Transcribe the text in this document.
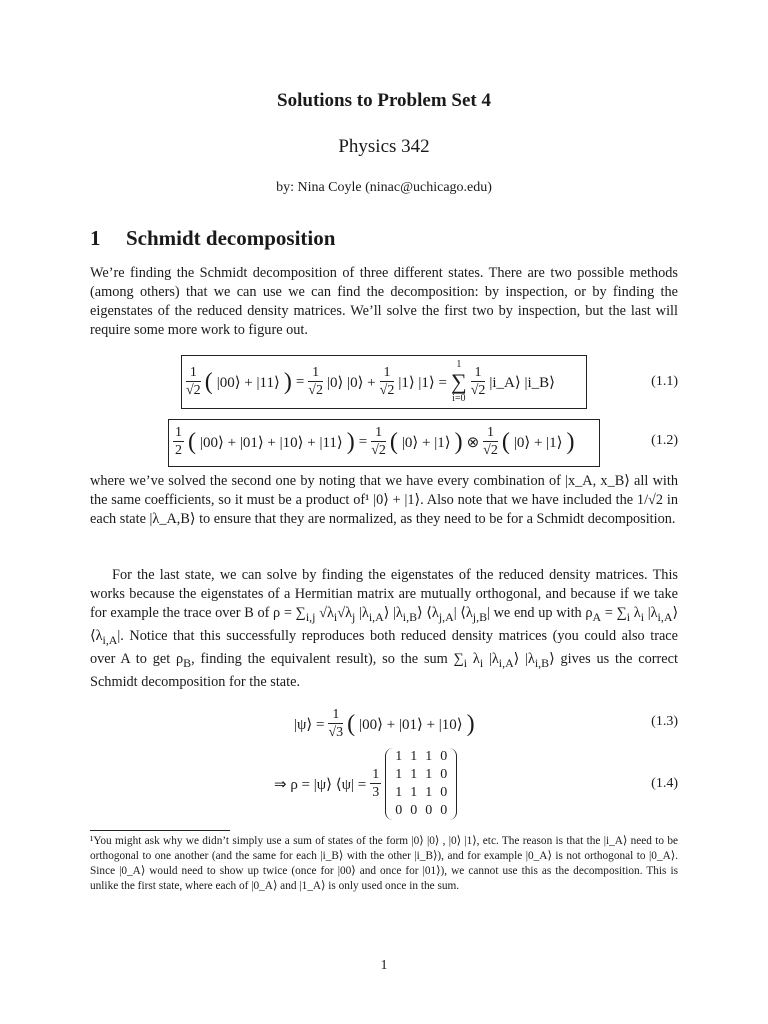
Solutions to Problem Set 4
Physics 342
by: Nina Coyle (ninac@uchicago.edu)
1 Schmidt decomposition
We’re finding the Schmidt decomposition of three different states. There are two possible methods (among others) that we can use we can find the decomposition: by inspection, or by finding the eigenstates of the reduced density matrices. We’ll solve the first two by inspection, but the last will require some more work to figure out.
$\frac{1}{√2}$ ( |00⟩ + |11⟩ ) = $\frac{1}{√2}$ |0⟩ |0⟩ + $\frac{1}{√2}$ |1⟩ |1⟩ =
1
∑
$i=0 \frac{1}{√2}$ |i_A⟩ |i_B⟩	(1.1)
$\frac{1}{2}$ ( |00⟩ + |01⟩ + |10⟩ + |11⟩ ) = $\frac{1}{√2}$ ( |0⟩ + |1⟩ ) ⊗ $\frac{1}{√2}$ ( |0⟩ + |1⟩ )	(1.2)
where we’ve solved the second one by noting that we have every combination of |x_A, x_B⟩ all with the same coefficients, so it must be a product of¹ |0⟩ + |1⟩. Also note that we have included the 1/√2 in each state |λ_A,B⟩ to ensure that they are normalized, as they need to be for a Schmidt decomposition.
For the last state, we can solve by finding the eigenstates of the reduced density matrices. This works because the eigenstates of a Hermitian matrix are mutually orthogonal, and because if we take for example the trace over B of $\rho = \sum_{i,j}$ $√\lambda_i√\lambda_j$ $|\lambda_{i,A}⟩$ $|\lambda_{i,B}⟩$ $⟨\lambda_{j,A}|$ $⟨\lambda_{j,B}|$ we end up with $\rho_A = \sum_i$ $\lambda_i$ $|\lambda_{i,A}⟩$ $⟨\lambda_{i,A}|$. Notice that this successfully reproduces both reduced density matrices (you could also trace over A to get $\rho_B$, finding the equivalent result), so the sum $\sum_i$ $\lambda_i$ $|\lambda_{i,A}⟩$ $|\lambda_{i,B}⟩$ gives us the correct Schmidt decomposition for the state.
|ψ⟩ = $\frac{1}{√3}$ ( |00⟩ + |01⟩ + |10⟩ )	(1.3)
⇒ ρ = |ψ⟩ ⟨ψ| = $\frac{1}{3}$
1	1	1	0
1	1	1	0
1	1	1	0
0	0	0	0
(1.4)
¹You might ask why we didn’t simply use a sum of states of the form |0⟩ |0⟩ , |0⟩ |1⟩, etc. The reason is that the |i_A⟩ need to be orthogonal to one another (and the same for each |i_B⟩ with the other |i_B⟩), and for example |0_A⟩ is not orthogonal to |0_A⟩. Since |0_A⟩ would need to show up twice (once for |00⟩ and once for |01⟩), we cannot use this as the decomposition. This is unlike the first state, where each of |0_A⟩ and |1_A⟩ is only used once in the sum.
1
